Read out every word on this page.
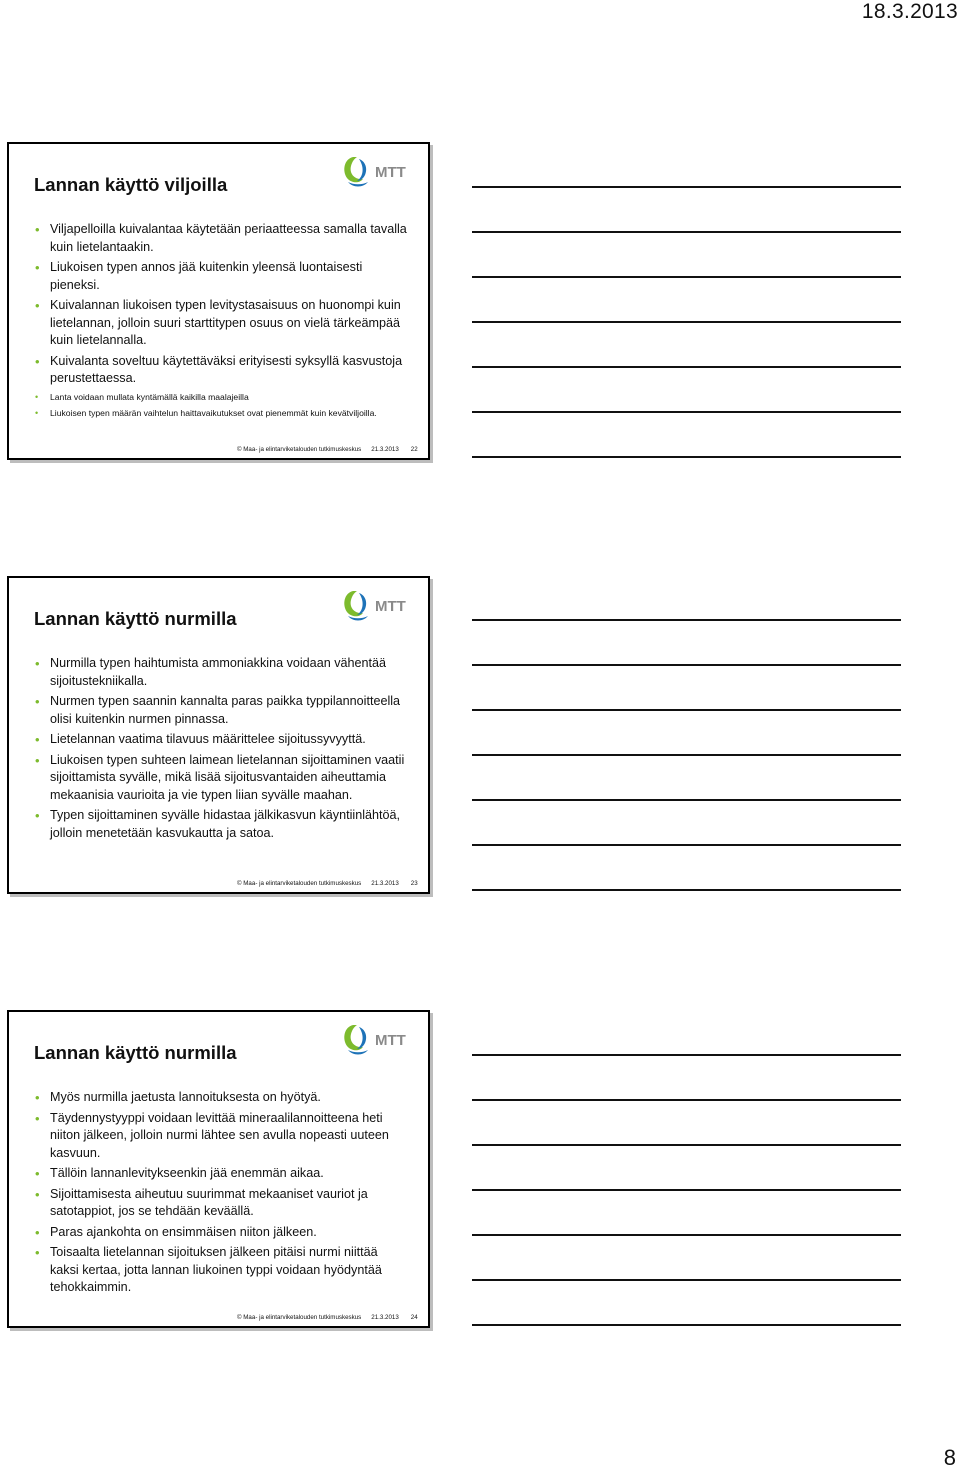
18.3.2013
Lannan käyttö viljoilla
MTT
• Viljapelloilla kuivalantaa käytetään periaatteessa samalla tavalla kuin lietelantaakin.
• Liukoisen typen annos jää kuitenkin yleensä luontaisesti pieneksi.
• Kuivalannan liukoisen typen levitystasaisuus on huonompi kuin lietelannan, jolloin suuri starttitypen osuus on vielä tärkeämpää kuin lietelannalla.
• Kuivalanta soveltuu käytettäväksi erityisesti syksyllä kasvustoja perustettaessa.
• Lanta voidaan mullata kyntämällä kaikilla maalajeilla
• Liukoisen typen määrän vaihtelun haittavaikutukset ovat pienemmät kuin kevätviljoilla.
© Maa- ja elintarviketalouden tutkimuskeskus 21.3.2013 22
Lannan käyttö nurmilla
MTT
• Nurmilla typen haihtumista ammoniakkina voidaan vähentää sijoitustekniikalla.
• Nurmen typen saannin kannalta paras paikka typpilannoitteella olisi kuitenkin nurmen pinnassa.
• Lietelannan vaatima tilavuus määrittelee sijoitussyvyyttä.
• Liukoisen typen suhteen laimean lietelannan sijoittaminen vaatii sijoittamista syvälle, mikä lisää sijoitusvantaiden aiheuttamia mekaanisia vaurioita ja vie typen liian syvälle maahan.
• Typen sijoittaminen syvälle hidastaa jälkikasvun käyntiinlähtöä, jolloin menetetään kasvukautta ja satoa.
© Maa- ja elintarviketalouden tutkimuskeskus 21.3.2013 23
Lannan käyttö nurmilla
MTT
• Myös nurmilla jaetusta lannoituksesta on hyötyä.
• Täydennystyyppi voidaan levittää mineraalilannoitteena heti niiton jälkeen, jolloin nurmi lähtee sen avulla nopeasti uuteen kasvuun.
• Tällöin lannanlevitykseenkin jää enemmän aikaa.
• Sijoittamisesta aiheutuu suurimmat mekaaniset vauriot ja satotappiot, jos se tehdään keväällä.
• Paras ajankohta on ensimmäisen niiton jälkeen.
• Toisaalta lietelannan sijoituksen jälkeen pitäisi nurmi niittää kaksi kertaa, jotta lannan liukoinen typpi voidaan hyödyntää tehokkaimmin.
© Maa- ja elintarviketalouden tutkimuskeskus 21.3.2013 24
8
